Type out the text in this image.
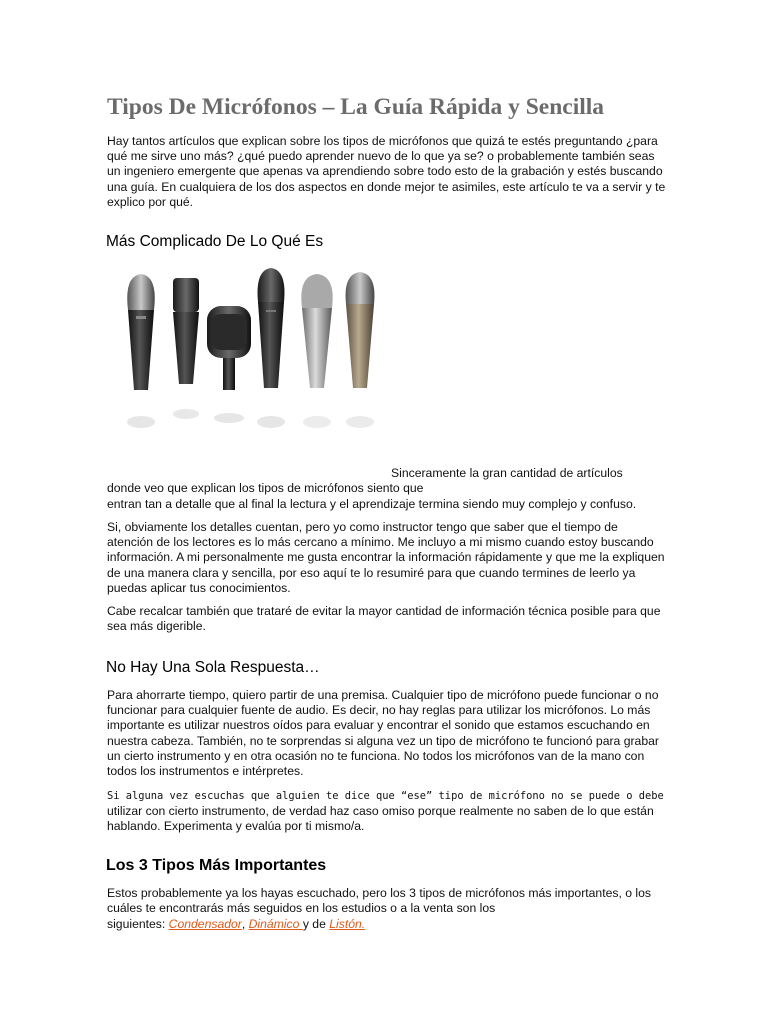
Tipos De Micrófonos – La Guía Rápida y Sencilla

Hay tantos artículos que explican sobre los tipos de micrófonos que quizá te estés preguntando ¿para qué me sirve uno más? ¿qué puedo aprender nuevo de lo que ya se? o probablemente también seas un ingeniero emergente que apenas va aprendiendo sobre todo esto de la grabación y estés buscando una guía. En cualquiera de los dos aspectos en donde mejor te asimiles, este artículo te va a servir y te explico por qué.

Más Complicado De Lo Qué Es

Sinceramente la gran cantidad de artículos

donde veo que explican los tipos de micrófonos siento que

entran tan a detalle que al final la lectura y el aprendizaje termina siendo muy complejo y confuso.

Si, obviamente los detalles cuentan, pero yo como instructor tengo que saber que el tiempo de atención de los lectores es lo más cercano a mínimo. Me incluyo a mi mismo cuando estoy buscando información. A mi personalmente me gusta encontrar la información rápidamente y que me la expliquen de una manera clara y sencilla, por eso aquí te lo resumiré para que cuando termines de leerlo ya puedas aplicar tus conocimientos.

Cabe recalcar también que trataré de evitar la mayor cantidad de información técnica posible para que sea más digerible.

No Hay Una Sola Respuesta…

Para ahorrarte tiempo, quiero partir de una premisa. Cualquier tipo de micrófono puede funcionar o no funcionar para cualquier fuente de audio. Es decir, no hay reglas para utilizar los micrófonos. Lo más importante es utilizar nuestros oídos para evaluar y encontrar el sonido que estamos escuchando en nuestra cabeza. También, no te sorprendas si alguna vez un tipo de micrófono te funcionó para grabar un cierto instrumento y en otra ocasión no te funciona. No todos los micrófonos van de la mano con todos los instrumentos e intérpretes.

Si alguna vez escuchas que alguien te dice que “ese” tipo de micrófono no se puede o debe utilizar con cierto instrumento, de verdad haz caso omiso porque realmente no saben de lo que están hablando. Experimenta y evalúa por ti mismo/a.

Los 3 Tipos Más Importantes

Estos probablemente ya los hayas escuchado, pero los 3 tipos de micrófonos más importantes, o los cuáles te encontrarás más seguidos en los estudios o a la venta son los

siguientes: Condensador, Dinámico y de Listón.
